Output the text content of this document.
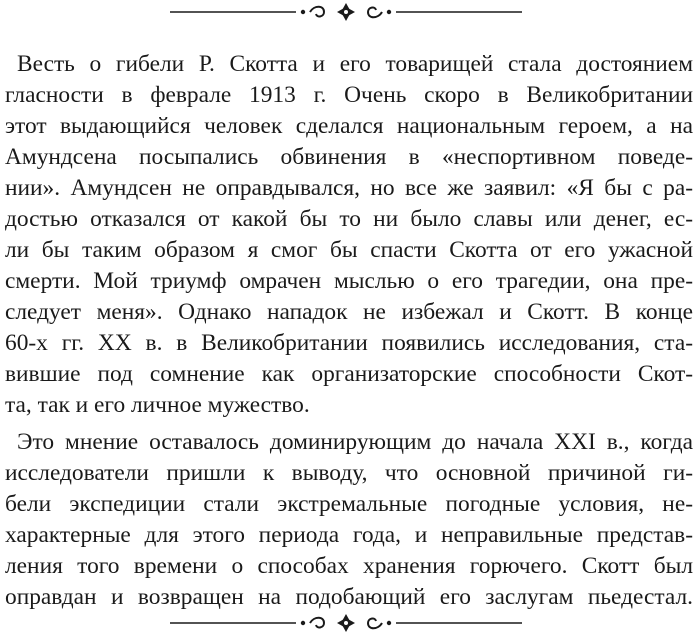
Весть о гибели Р. Скотта и его товарищей стала достоянием

гласности в феврале 1913 г. Очень скоро в Великобритании

этот выдающийся человек сделался национальным героем, а на

Амундсена посыпались обвинения в «неспортивном поведе-

нии». Амундсен не оправдывался, но все же заявил: «Я бы с ра-

достью отказался от какой бы то ни было славы или денег, ес-

ли бы таким образом я смог бы спасти Скотта от его ужасной

смерти. Мой триумф омрачен мыслью о его трагедии, она пре-

следует меня». Однако нападок не избежал и Скотт. В конце

60-х гг. XX в. в Великобритании появились исследования, ста-

вившие под сомнение как организаторские способности Скот-

та, так и его личное мужество.

Это мнение оставалось доминирующим до начала XXI в., когда

исследователи пришли к выводу, что основной причиной ги-

бели экспедиции стали экстремальные погодные условия, не-

характерные для этого периода года, и неправильные представ-

ления того времени о способах хранения горючего. Скотт был

оправдан и возвращен на подобающий его заслугам пьедестал.
